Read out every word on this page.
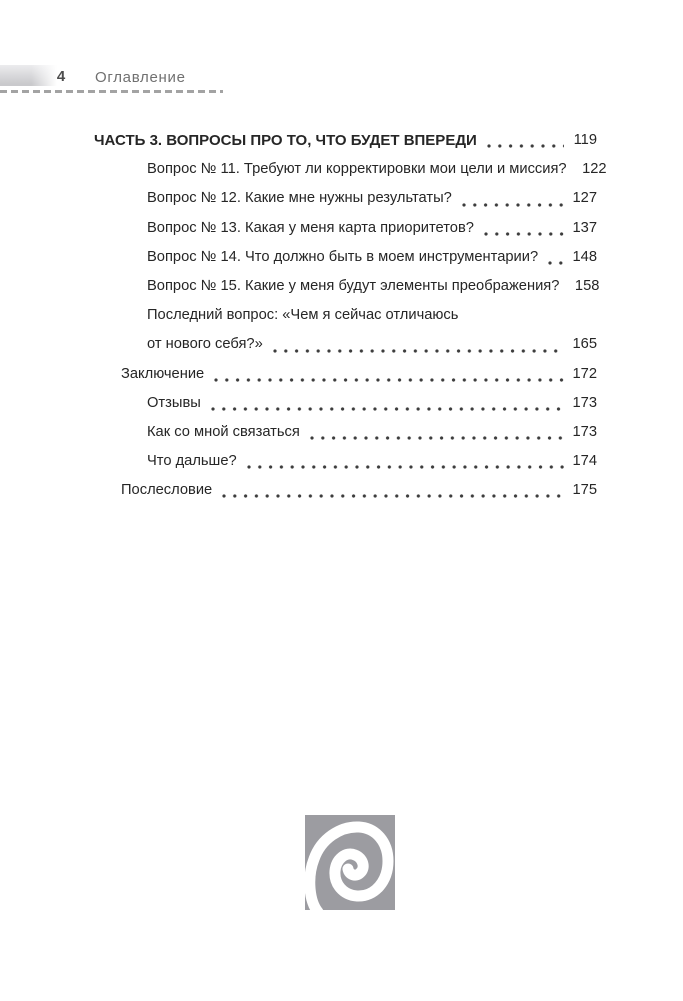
4	Оглавление
ЧАСТЬ 3. ВОПРОСЫ ПРО ТО, ЧТО БУДЕТ ВПЕРЕДИ	119
Вопрос № 11. Требуют ли корректировки мои цели и миссия? 122
Вопрос № 12. Какие мне нужны результаты?	127
Вопрос № 13. Какая у меня карта приоритетов?	137
Вопрос № 14. Что должно быть в моем инструментарии? 148
Вопрос № 15. Какие у меня будут элементы преображения? 158
Последний вопрос: «Чем я сейчас отличаюсь
от нового себя?»	165
Заключение	172
Отзывы	173
Как со мной связаться	173
Что дальше?	174
Послесловие	175
